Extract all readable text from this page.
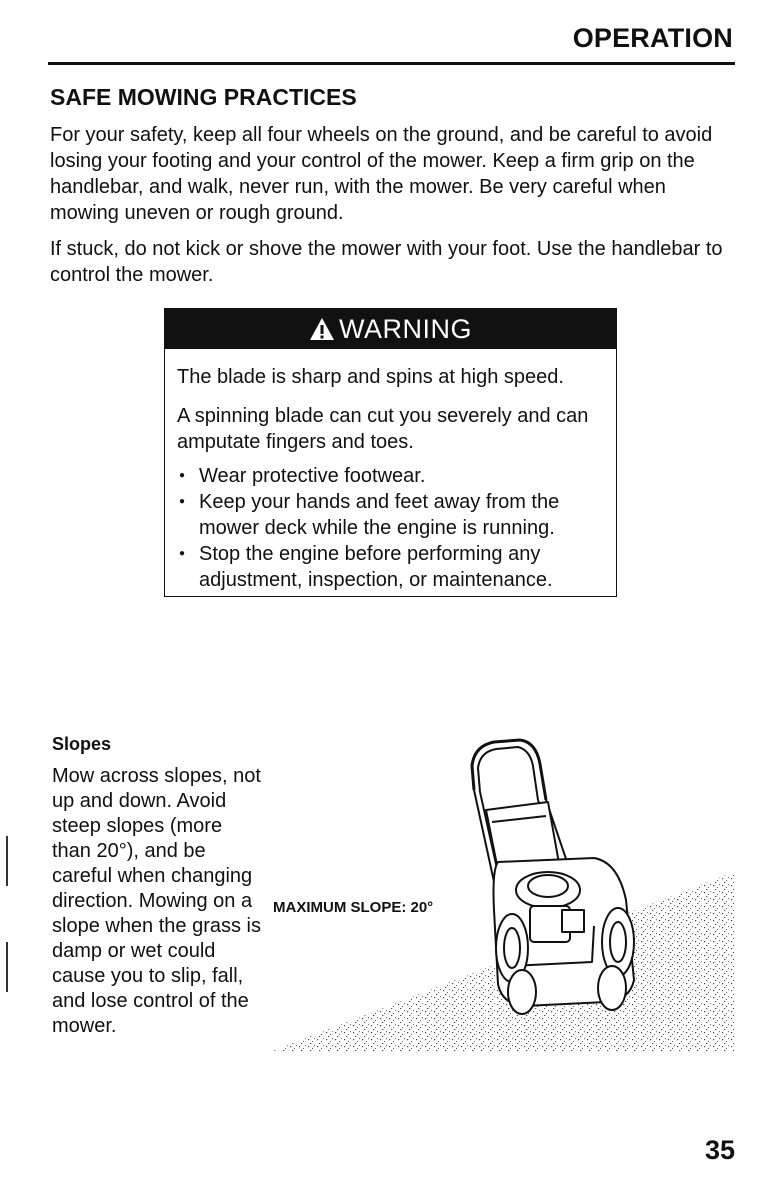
OPERATION
SAFE MOWING PRACTICES

For your safety, keep all four wheels on the ground, and be careful to avoid losing your footing and your control of the mower. Keep a firm grip on the handlebar, and walk, never run, with the mower. Be very careful when mowing uneven or rough ground.

If stuck, do not kick or shove the mower with your foot. Use the handlebar to control the mower.

WARNING

The blade is sharp and spins at high speed.

A spinning blade can cut you severely and can amputate fingers and toes.

● Wear protective footwear.
● Keep your hands and feet away from the mower deck while the engine is running.
● Stop the engine before performing any adjustment, inspection, or maintenance.
Slopes

Mow across slopes, not up and down. Avoid steep slopes (more than 20°), and be careful when changing direction. Mowing on a slope when the grass is damp or wet could cause you to slip, fall, and lose control of the mower.

MAXIMUM SLOPE: 20°
35
